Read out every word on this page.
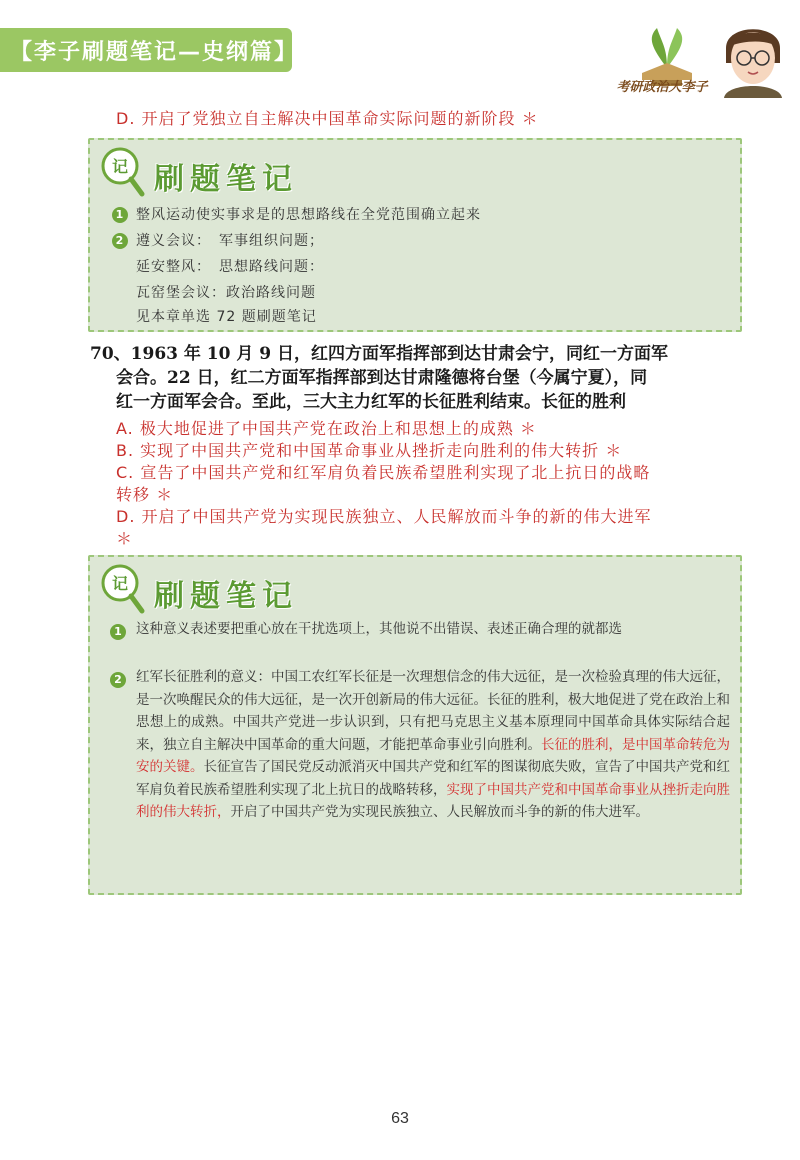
【李子刷题笔记—史纲篇】
考研政治大李子
D. 开启了党独立自主解决中国革命实际问题的新阶段 ＊
记 刷题笔记
1 整风运动使实事求是的思想路线在全党范围确立起来
2 遵义会议：　军事组织问题；
延安整风：　思想路线问题：
瓦窑堡会议：政治路线问题
见本章单选 72 题刷题笔记
70、1963 年 10 月 9 日，红四方面军指挥部到达甘肃会宁，同红一方面军
会合。22 日，红二方面军指挥部到达甘肃隆德将台堡（今属宁夏），同
红一方面军会合。至此，三大主力红军的长征胜利结束。长征的胜利
A. 极大地促进了中国共产党在政治上和思想上的成熟 ＊
B. 实现了中国共产党和中国革命事业从挫折走向胜利的伟大转折 ＊
C. 宣告了中国共产党和红军肩负着民族希望胜利实现了北上抗日的战略
转移 ＊
D. 开启了中国共产党为实现民族独立、人民解放而斗争的新的伟大进军
＊
记 刷题笔记
1	这种意义表述要把重心放在干扰选项上，其他说不出错误、表述正确合理的就都选
2	红军长征胜利的意义：中国工农红军长征是一次理想信念的伟大远征，是一次检验真理的伟大远征，是一次唤醒民众的伟大远征，是一次开创新局的伟大远征。长征的胜利，极大地促进了党在政治上和思想上的成熟。中国共产党进一步认识到，只有把马克思主义基本原理同中国革命具体实际结合起来，独立自主解决中国革命的重大问题，才能把革命事业引向胜利。长征的胜利，是中国革命转危为安的关键。长征宣告了国民党反动派消灭中国共产党和红军的图谋彻底失败，宣告了中国共产党和红军肩负着民族希望胜利实现了北上抗日的战略转移，实现了中国共产党和中国革命事业从挫折走向胜利的伟大转折，开启了中国共产党为实现民族独立、人民解放而斗争的新的伟大进军。
63
